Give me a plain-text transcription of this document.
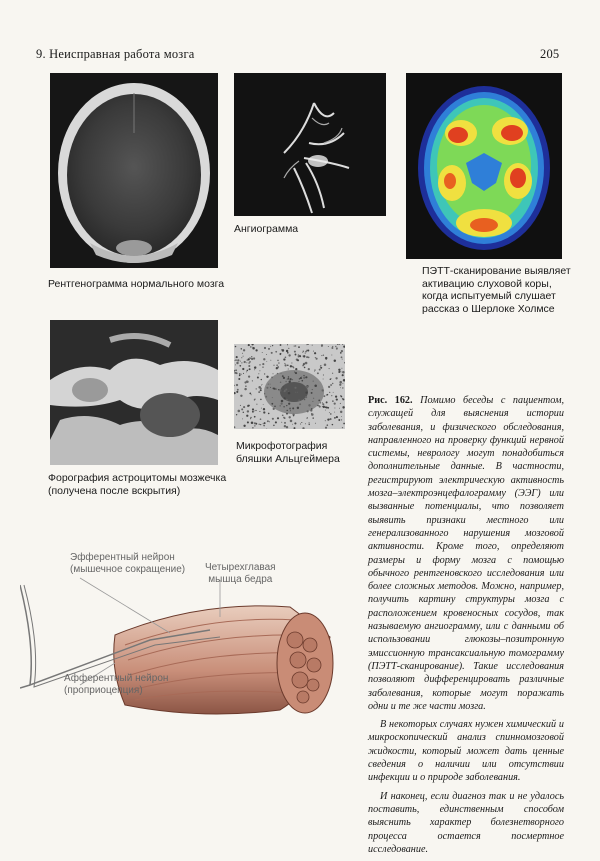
9. Неисправная работа мозга	205
Рентгенограмма нормального мозга
Ангиограмма
ПЭТТ-сканирование выявляет
активацию слуховой коры,
когда испытуемый слушает
рассказ о Шерлоке Холмсе
Форография астроцитомы мозжечка
(получена после вскрытия)
Микрофотография
бляшки Альцгеймера

Рис. 162. Помимо беседы с пациентом, служащей для выяснения истории заболевания, и физического обследования, направленного на проверку функций нервной системы, неврологу могут понадобиться дополнительные данные. В частности, регистрируют электрическую активность мозга–электроэнцефалограмму (ЭЭГ) или вызванные потенциалы, что позволяет выявить признаки местного или генерализованного нарушения мозговой активности. Кроме того, определяют размеры и форму мозга с помощью обычного рентгеновского исследования или более сложных методов. Можно, например, получить картину структуры мозга с расположением кровеносных сосудов, так называемую ангиограмму, или с данными об использовании глюкозы–позитронную эмиссионную трансаксиальную томограмму (ПЭТТ-сканирование). Такие исследования позволяют дифференцировать различные заболевания, которые могут поражать одни и те же части мозга.

В некоторых случаях нужен химический и микроскопический анализ спинномозговой жидкости, который может дать ценные сведения о наличии или отсутствии инфекции и о природе заболевания.

И наконец, если диагноз так и не удалось поставить, единственным способом выяснить характер болезнетворного процесса остается посмертное исследование.

Эфферентный нейрон
(мышечное сокращение) Четырехглавая
мышца бедра
Афферентный нейрон
(проприоцепция)
